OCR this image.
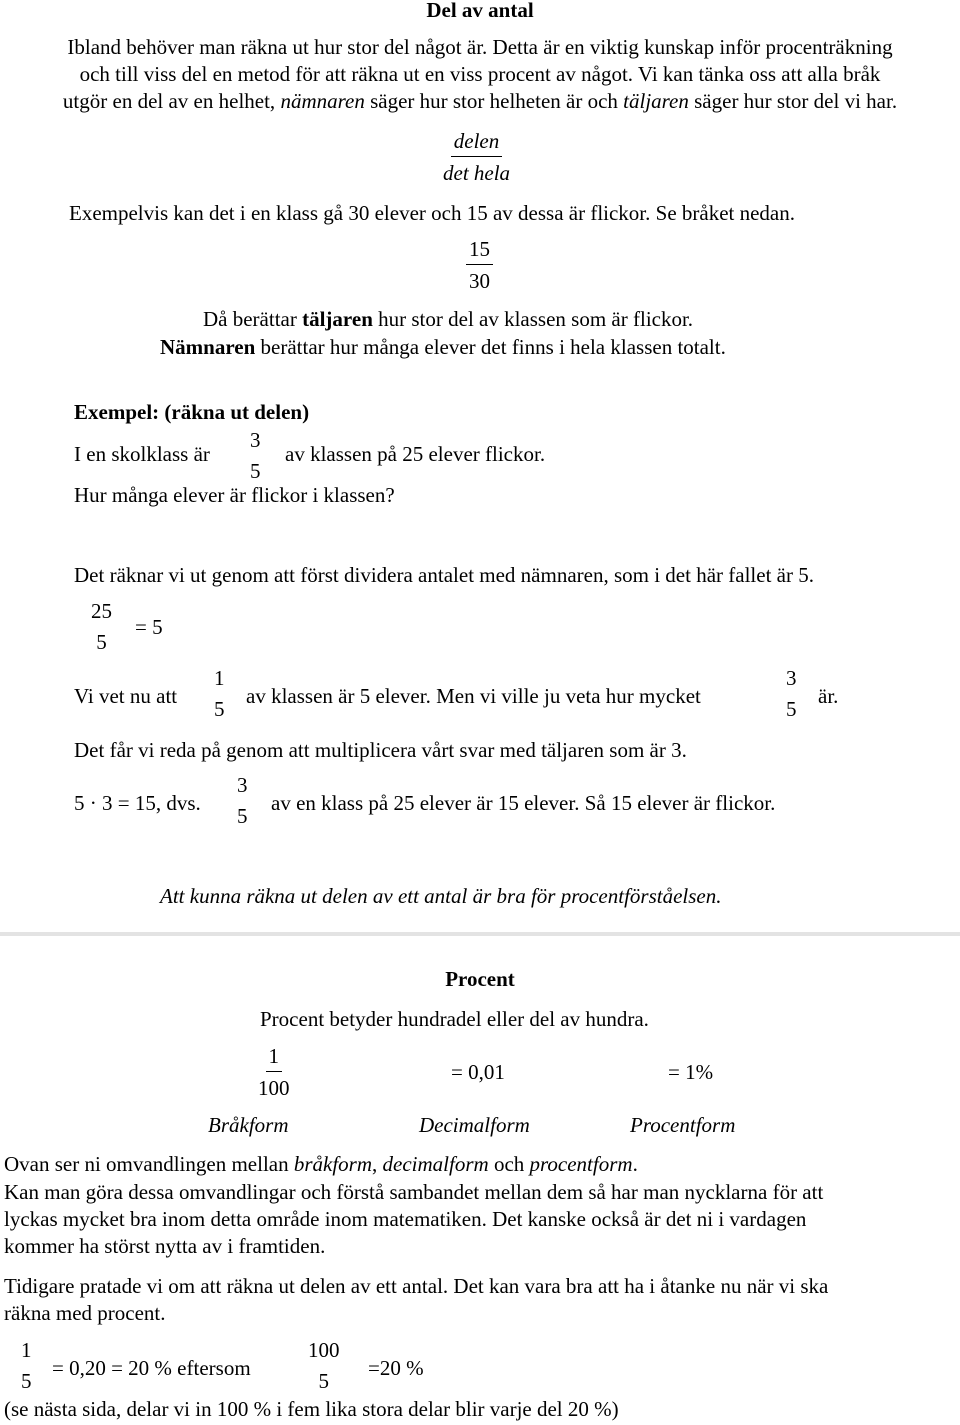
Del av antal
Ibland behöver man räkna ut hur stor del något är. Detta är en viktig kunskap inför procenträkning
och till viss del en metod för att räkna ut en viss procent av något. Vi kan tänka oss att alla bråk
utgör en del av en helhet, nämnaren säger hur stor helheten är och täljaren säger hur stor del vi har.
delen
det hela
Exempelvis kan det i en klass gå 30 elever och 15 av dessa är flickor. Se bråket nedan.
$\frac{15}{30}$
Då berättar täljaren hur stor del av klassen som är flickor.
Nämnaren berättar hur många elever det finns i hela klassen totalt.
Exempel: (räkna ut delen)
I en skolklass är
3
5
av klassen på 25 elever flickor.
Hur många elever är flickor i klassen?
Det räknar vi ut genom att först dividera antalet med nämnaren, som i det här fallet är 5.
25
5
= 5
Vi vet nu att
1
5
av klassen är 5 elever. Men vi ville ju veta hur mycket
3
5
är.
Det får vi reda på genom att multiplicera vårt svar med täljaren som är 3.
5 · 3 = 15, dvs.
3
5
av en klass på 25 elever är 15 elever. Så 15 elever är flickor.
Att kunna räkna ut delen av ett antal är bra för procentförståelsen.
Procent
Procent betyder hundradel eller del av hundra.
$\frac{1}{100}$	= 0,01	= 1%
Bråkform	Decimalform	Procentform
Ovan ser ni omvandlingen mellan bråkform, decimalform och procentform.
Kan man göra dessa omvandlingar och förstå sambandet mellan dem så har man nycklarna för att
lyckas mycket bra inom detta område inom matematiken. Det kanske också är det ni i vardagen
kommer ha störst nytta av i framtiden.
Tidigare pratade vi om att räkna ut delen av ett antal. Det kan vara bra att ha i åtanke nu när vi ska
räkna med procent.
1
5
= 0,20 = 20 % eftersom
100
5
=20 %
(se nästa sida, delar vi in 100 % i fem lika stora delar blir varje del 20 %)
